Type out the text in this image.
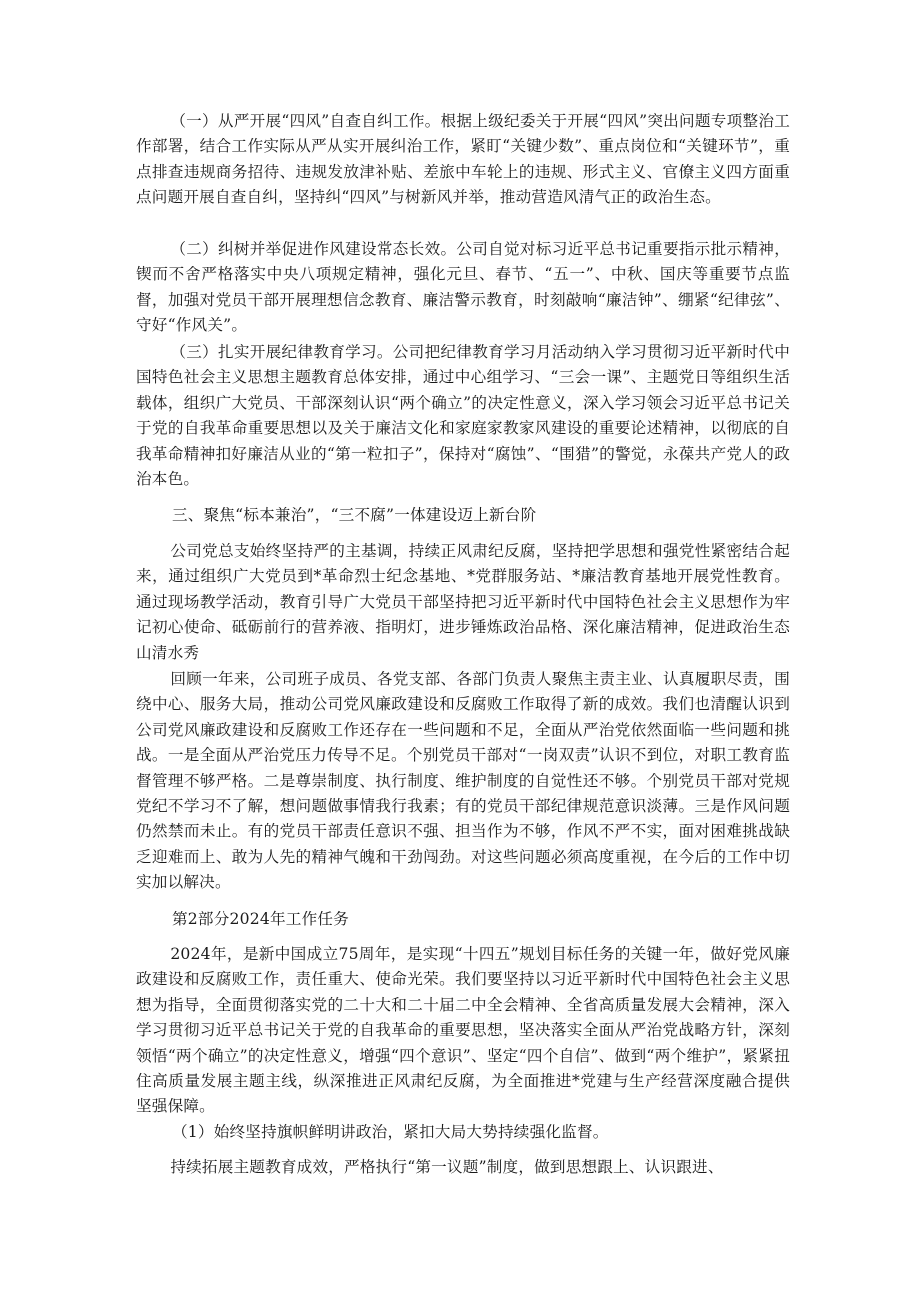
（一）从严开展“四风”自查自纠工作。根据上级纪委关于开展“四风”突出问题专项整治工作部署，结合工作实际从严从实开展纠治工作，紧盯“关键少数”、重点岗位和“关键环节”，重点排查违规商务招待、违规发放津补贴、差旅中车轮上的违规、形式主义、官僚主义四方面重点问题开展自查自纠，坚持纠“四风”与树新风并举，推动营造风清气正的政治生态。

（二）纠树并举促进作风建设常态长效。公司自觉对标习近平总书记重要指示批示精神，锲而不舍严格落实中央八项规定精神，强化元旦、春节、“五一”、中秋、国庆等重要节点监督，加强对党员干部开展理想信念教育、廉洁警示教育，时刻敲响“廉洁钟”、绷紧“纪律弦”、守好“作风关”。

（三）扎实开展纪律教育学习。公司把纪律教育学习月活动纳入学习贯彻习近平新时代中国特色社会主义思想主题教育总体安排，通过中心组学习、“三会一课”、主题党日等组织生活载体，组织广大党员、干部深刻认识“两个确立”的决定性意义，深入学习领会习近平总书记关于党的自我革命重要思想以及关于廉洁文化和家庭家教家风建设的重要论述精神，以彻底的自我革命精神扣好廉洁从业的“第一粒扣子”，保持对“腐蚀”、“围猎”的警觉，永葆共产党人的政治本色。

三、聚焦“标本兼治”，“三不腐”一体建设迈上新台阶

公司党总支始终坚持严的主基调，持续正风肃纪反腐，坚持把学思想和强党性紧密结合起来，通过组织广大党员到*革命烈士纪念基地、*党群服务站、*廉洁教育基地开展党性教育。通过现场教学活动，教育引导广大党员干部坚持把习近平新时代中国特色社会主义思想作为牢记初心使命、砥砺前行的营养液、指明灯，进步锤炼政治品格、深化廉洁精神，促进政治生态山清水秀

回顾一年来，公司班子成员、各党支部、各部门负责人聚焦主责主业、认真履职尽责，围绕中心、服务大局，推动公司党风廉政建设和反腐败工作取得了新的成效。我们也清醒认识到公司党风廉政建设和反腐败工作还存在一些问题和不足，全面从严治党依然面临一些问题和挑战。一是全面从严治党压力传导不足。个别党员干部对“一岗双责”认识不到位，对职工教育监督管理不够严格。二是尊崇制度、执行制度、维护制度的自觉性还不够。个别党员干部对党规党纪不学习不了解，想问题做事情我行我素；有的党员干部纪律规范意识淡薄。三是作风问题仍然禁而未止。有的党员干部责任意识不强、担当作为不够，作风不严不实，面对困难挑战缺乏迎难而上、敢为人先的精神气魄和干劲闯劲。对这些问题必须高度重视，在今后的工作中切实加以解决。

第2部分2024年工作任务

2024年，是新中国成立75周年，是实现“十四五”规划目标任务的关键一年，做好党风廉政建设和反腐败工作，责任重大、使命光荣。我们要坚持以习近平新时代中国特色社会主义思想为指导，全面贯彻落实党的二十大和二十届二中全会精神、全省高质量发展大会精神，深入学习贯彻习近平总书记关于党的自我革命的重要思想，坚决落实全面从严治党战略方针，深刻领悟“两个确立”的决定性意义，增强“四个意识”、坚定“四个自信”、做到“两个维护”，紧紧扭住高质量发展主题主线，纵深推进正风肃纪反腐，为全面推进*党建与生产经营深度融合提供坚强保障。

（1）始终坚持旗帜鲜明讲政治，紧扣大局大势持续强化监督。

持续拓展主题教育成效，严格执行“第一议题”制度，做到思想跟上、认识跟进、
